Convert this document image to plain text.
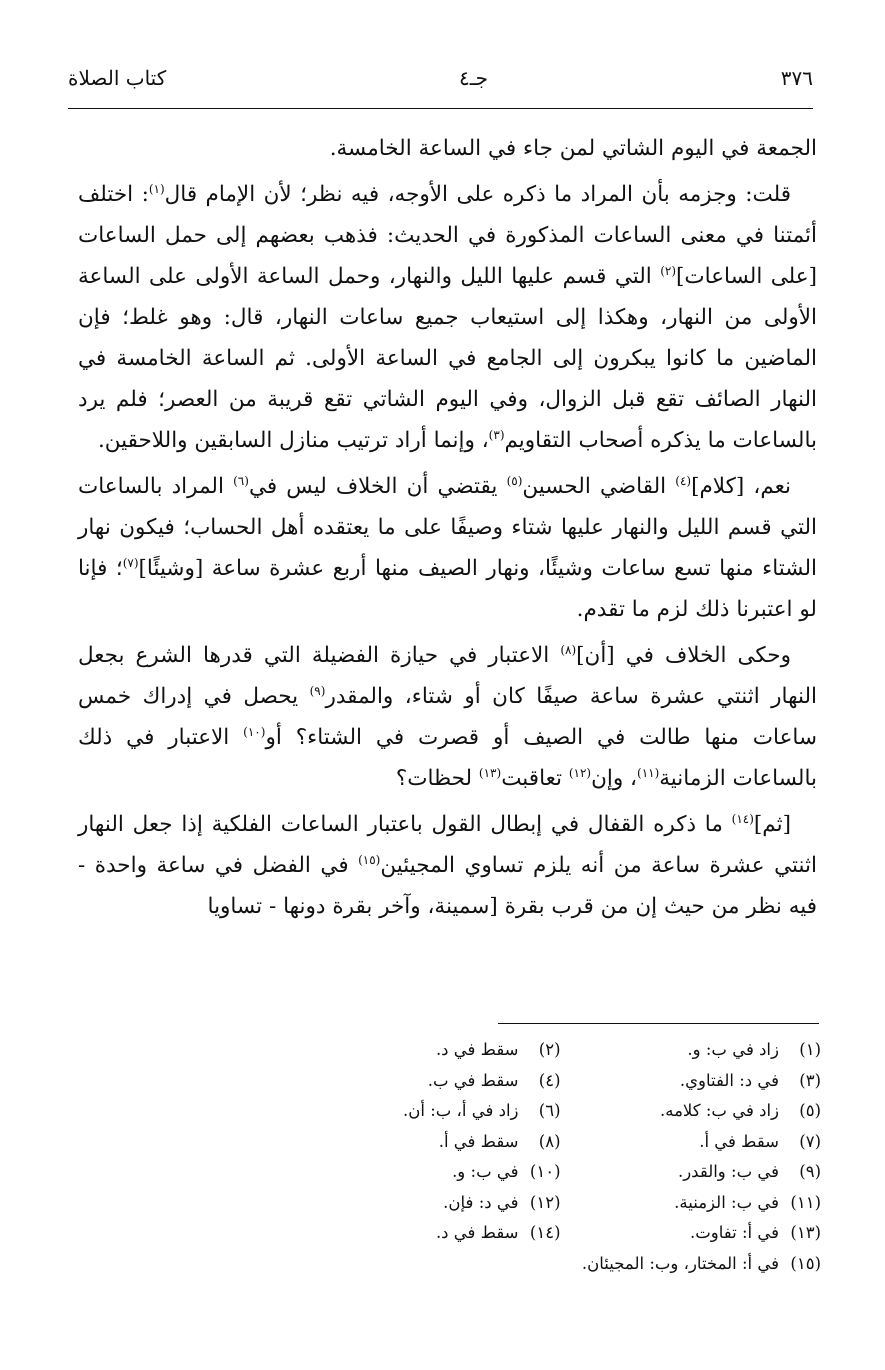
٣٧٦
جـ٤
كتاب الصلاة

الجمعة في اليوم الشاتي لمن جاء في الساعة الخامسة.

قلت: وجزمه بأن المراد ما ذكره على الأوجه، فيه نظر؛ لأن الإمام قال$^{(١)}$: اختلف أئمتنا في معنى الساعات المذكورة في الحديث: فذهب بعضهم إلى حمل الساعات [على الساعات]$^{(٢)}$ التي قسم عليها الليل والنهار، وحمل الساعة الأولى على الساعة الأولى من النهار، وهكذا إلى استيعاب جميع ساعات النهار، قال: وهو غلط؛ فإن الماضين ما كانوا يبكرون إلى الجامع في الساعة الأولى. ثم الساعة الخامسة في النهار الصائف تقع قبل الزوال، وفي اليوم الشاتي تقع قريبة من العصر؛ فلم يرد بالساعات ما يذكره أصحاب التقاويم$^{(٣)}$، وإنما أراد ترتيب منازل السابقين واللاحقين.

نعم، [كلام]$^{(٤)}$ القاضي الحسين$^{(٥)}$ يقتضي أن الخلاف ليس في$^{(٦)}$ المراد بالساعات التي قسم الليل والنهار عليها شتاء وصيفًا على ما يعتقده أهل الحساب؛ فيكون نهار الشتاء منها تسع ساعات وشيئًا، ونهار الصيف منها أربع عشرة ساعة [وشيئًا]$^{(٧)}$؛ فإنا لو اعتبرنا ذلك لزم ما تقدم.

وحكى الخلاف في [أن]$^{(٨)}$ الاعتبار في حيازة الفضيلة التي قدرها الشرع بجعل النهار اثنتي عشرة ساعة صيفًا كان أو شتاء، والمقدر$^{(٩)}$ يحصل في إدراك خمس ساعات منها طالت في الصيف أو قصرت في الشتاء؟ أو$^{(١٠)}$ الاعتبار في ذلك بالساعات الزمانية$^{(١١)}$، وإن$^{(١٢)}$ تعاقبت$^{(١٣)}$ لحظات؟

[ثم]$^{(١٤)}$ ما ذكره القفال في إبطال القول باعتبار الساعات الفلكية إذا جعل النهار اثنتي عشرة ساعة من أنه يلزم تساوي المجيئين$^{(١٥)}$ في الفضل في ساعة واحدة - فيه نظر من حيث إن من قرب بقرة [سمينة، وآخر بقرة دونها - تساويا

(١)زاد في ب: و.
(٢)سقط في د.
(٣)في د: الفتاوي.
(٤)سقط في ب.
(٥)زاد في ب: كلامه.
(٦)زاد في أ، ب: أن.
(٧)سقط في أ.
(٨)سقط في أ.
(٩)في ب: والقدر.
(١٠)في ب: و.
(١١)في ب: الزمنية.
(١٢)في د: فإن.
(١٣)في أ: تفاوت.
(١٤)سقط في د.
(١٥)في أ: المختار، وب: المجيئان.
